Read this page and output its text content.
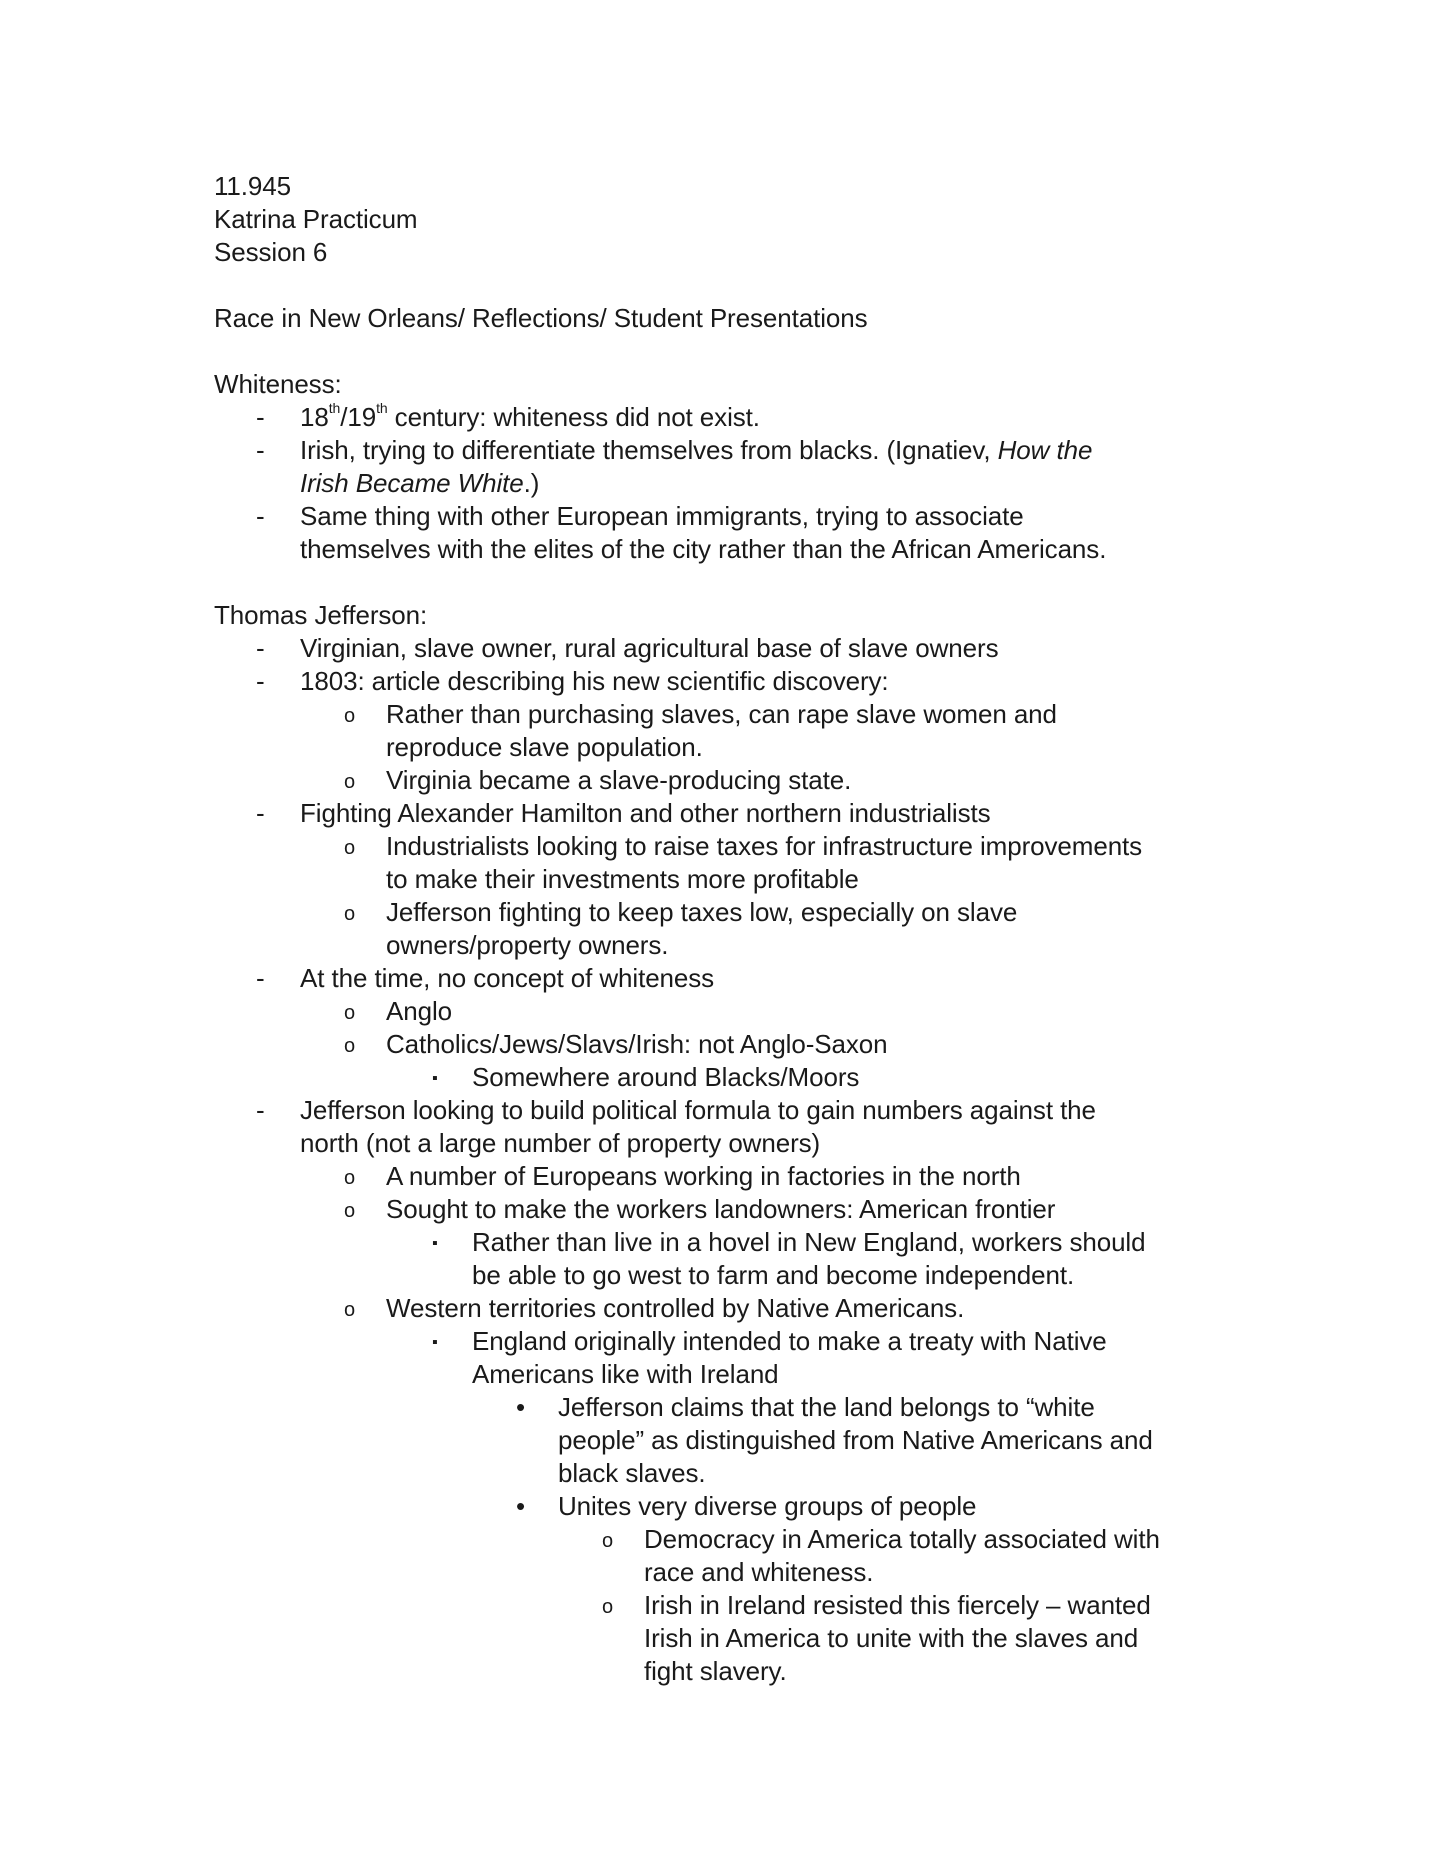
11.945
Katrina Practicum
Session 6
Race in New Orleans/ Reflections/ Student Presentations
Whiteness:
- 18th/19th century: whiteness did not exist.
- Irish, trying to differentiate themselves from blacks. (Ignatiev, How the
Irish Became White.)
- Same thing with other European immigrants, trying to associate
themselves with the elites of the city rather than the African Americans.
Thomas Jefferson:
- Virginian, slave owner, rural agricultural base of slave owners
- 1803: article describing his new scientific discovery:
o Rather than purchasing slaves, can rape slave women and
reproduce slave population.
o Virginia became a slave-producing state.
- Fighting Alexander Hamilton and other northern industrialists
o Industrialists looking to raise taxes for infrastructure improvements
to make their investments more profitable
o Jefferson fighting to keep taxes low, especially on slave
owners/property owners.
- At the time, no concept of whiteness
o Anglo
o Catholics/Jews/Slavs/Irish: not Anglo-Saxon
▪ Somewhere around Blacks/Moors
- Jefferson looking to build political formula to gain numbers against the
north (not a large number of property owners)
o A number of Europeans working in factories in the north
o Sought to make the workers landowners: American frontier
▪ Rather than live in a hovel in New England, workers should
be able to go west to farm and become independent.
o Western territories controlled by Native Americans.
▪ England originally intended to make a treaty with Native
Americans like with Ireland
• Jefferson claims that the land belongs to “white
people” as distinguished from Native Americans and
black slaves.
• Unites very diverse groups of people
o Democracy in America totally associated with
race and whiteness.
o Irish in Ireland resisted this fiercely – wanted
Irish in America to unite with the slaves and
fight slavery.
